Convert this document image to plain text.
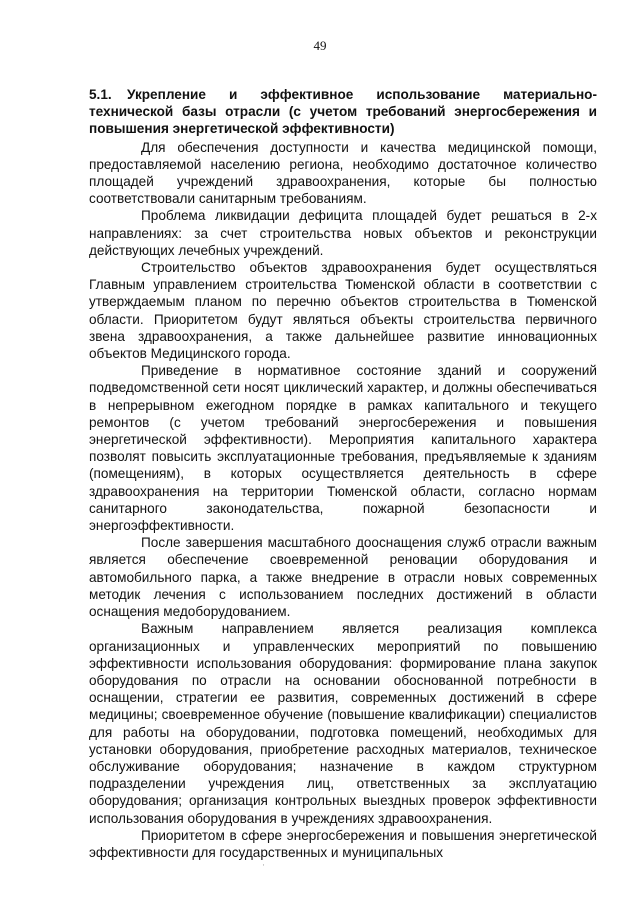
49

5.1. Укрепление и эффективное использование материально-технической базы отрасли (с учетом требований энергосбережения и повышения энергетической эффективности)

Для обеспечения доступности и качества медицинской помощи, предоставляемой населению региона, необходимо достаточное количество площадей учреждений здравоохранения, которые бы полностью соответствовали санитарным требованиям.

Проблема ликвидации дефицита площадей будет решаться в 2-х направлениях: за счет строительства новых объектов и реконструкции действующих лечебных учреждений.

Строительство объектов здравоохранения будет осуществляться Главным управлением строительства Тюменской области в соответствии с утверждаемым планом по перечню объектов строительства в Тюменской области. Приоритетом будут являться объекты строительства первичного звена здравоохранения, а также дальнейшее развитие инновационных объектов Медицинского города.

Приведение в нормативное состояние зданий и сооружений подведомственной сети носят циклический характер, и должны обеспечиваться в непрерывном ежегодном порядке в рамках капитального и текущего ремонтов (с учетом требований энергосбережения и повышения энергетической эффективности). Мероприятия капитального характера позволят повысить эксплуатационные требования, предъявляемые к зданиям (помещениям), в которых осуществляется деятельность в сфере здравоохранения на территории Тюменской области, согласно нормам санитарного законодательства, пожарной безопасности и энергоэффективности.

После завершения масштабного дооснащения служб отрасли важным является обеспечение своевременной реновации оборудования и автомобильного парка, а также внедрение в отрасли новых современных методик лечения с использованием последних достижений в области оснащения медоборудованием.

Важным направлением является реализация комплекса организационных и управленческих мероприятий по повышению эффективности использования оборудования: формирование плана закупок оборудования по отрасли на основании обоснованной потребности в оснащении, стратегии ее развития, современных достижений в сфере медицины; своевременное обучение (повышение квалификации) специалистов для работы на оборудовании, подготовка помещений, необходимых для установки оборудования, приобретение расходных материалов, техническое обслуживание оборудования; назначение в каждом структурном подразделении учреждения лиц, ответственных за эксплуатацию оборудования; организация контрольных выездных проверок эффективности использования оборудования в учреждениях здравоохранения.

Приоритетом в сфере энергосбережения и повышения энергетической эффективности для государственных и муниципальных

·
